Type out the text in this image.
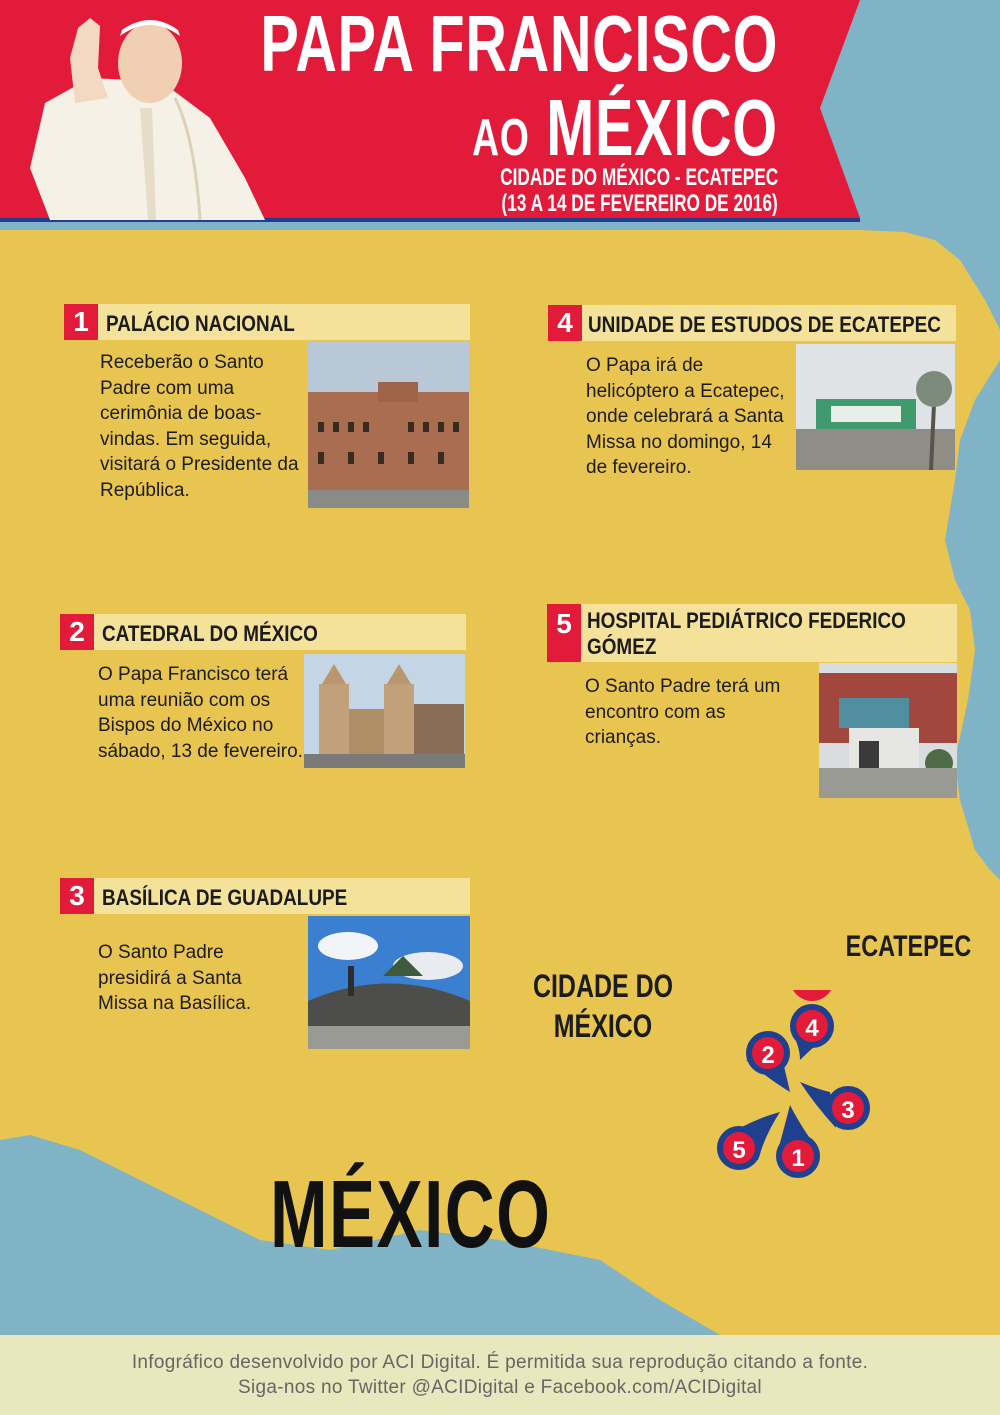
PAPA FRANCISCO
AO MÉXICO
CIDADE DO MÉXICO - ECATEPEC
(13 A 14 DE FEVEREIRO DE 2016)
1 PALÁCIO NACIONAL
Receberão o Santo Padre com uma cerimônia de boas-vindas. Em seguida, visitará o Presidente da República.
2 CATEDRAL DO MÉXICO
O Papa Francisco terá uma reunião com os Bispos do México no sábado, 13 de fevereiro.
3 BASÍLICA DE GUADALUPE
O Santo Padre presidirá a Santa Missa na Basílica.
4 UNIDADE DE ESTUDOS DE ECATEPEC
O Papa irá de helicóptero a Ecatepec, onde celebrará a Santa Missa no domingo, 14 de fevereiro.
5 HOSPITAL PEDIÁTRICO FEDERICO
GÓMEZ
O Santo Padre terá um encontro com as crianças.
CIDADE DO
MÉXICO
ECATEPEC
4
2
3
5 1
MÉXICO
Infográfico desenvolvido por ACI Digital. É permitida sua reprodução citando a fonte.
Siga-nos no Twitter @ACIDigital e Facebook.com/ACIDigital
